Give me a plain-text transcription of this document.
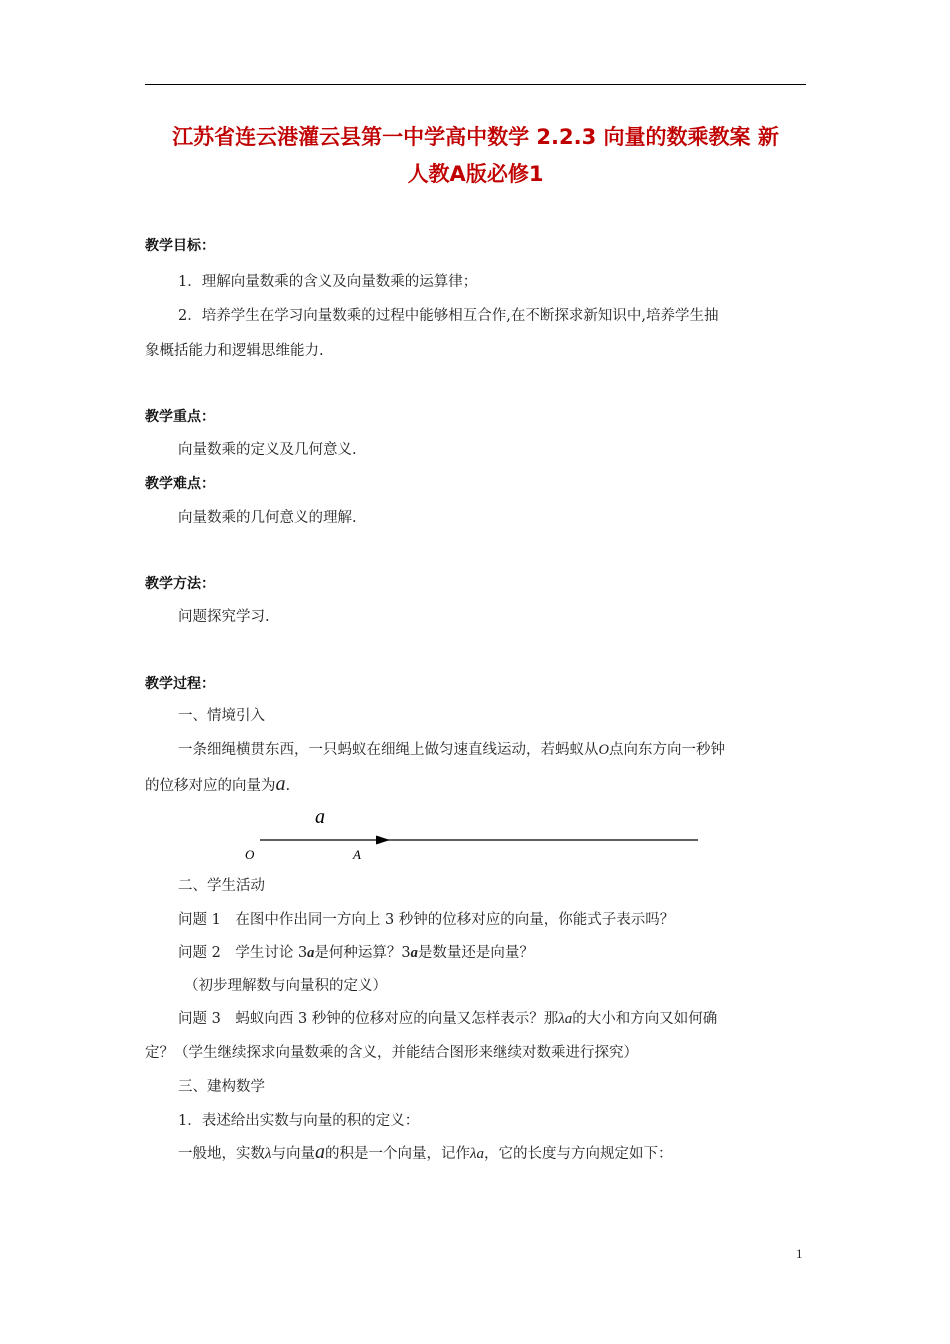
江苏省连云港灌云县第一中学高中数学 2.2.3 向量的数乘教案 新
人教A版必修1
教学目标：
1．理解向量数乘的含义及向量数乘的运算律；
2．培养学生在学习向量数乘的过程中能够相互合作,在不断探求新知识中,培养学生抽
象概括能力和逻辑思维能力.
教学重点：
向量数乘的定义及几何意义.
教学难点：
向量数乘的几何意义的理解.
教学方法：
问题探究学习.
教学过程：
一、情境引入
一条细绳横贯东西，一只蚂蚁在细绳上做匀速直线运动，若蚂蚁从O点向东方向一秒钟
的位移对应的向量为a.
a
O	A
二、学生活动
问题 1　在图中作出同一方向上 3 秒钟的位移对应的向量，你能式子表示吗？
问题 2　学生讨论 3a是何种运算？3a是数量还是向量？
（初步理解数与向量积的定义）
问题 3　蚂蚁向西 3 秒钟的位移对应的向量又怎样表示？那λa的大小和方向又如何确
定？（学生继续探求向量数乘的含义，并能结合图形来继续对数乘进行探究）
三、建构数学
1．表述给出实数与向量的积的定义：
一般地，实数λ与向量a的积是一个向量，记作λa，它的长度与方向规定如下：
1
